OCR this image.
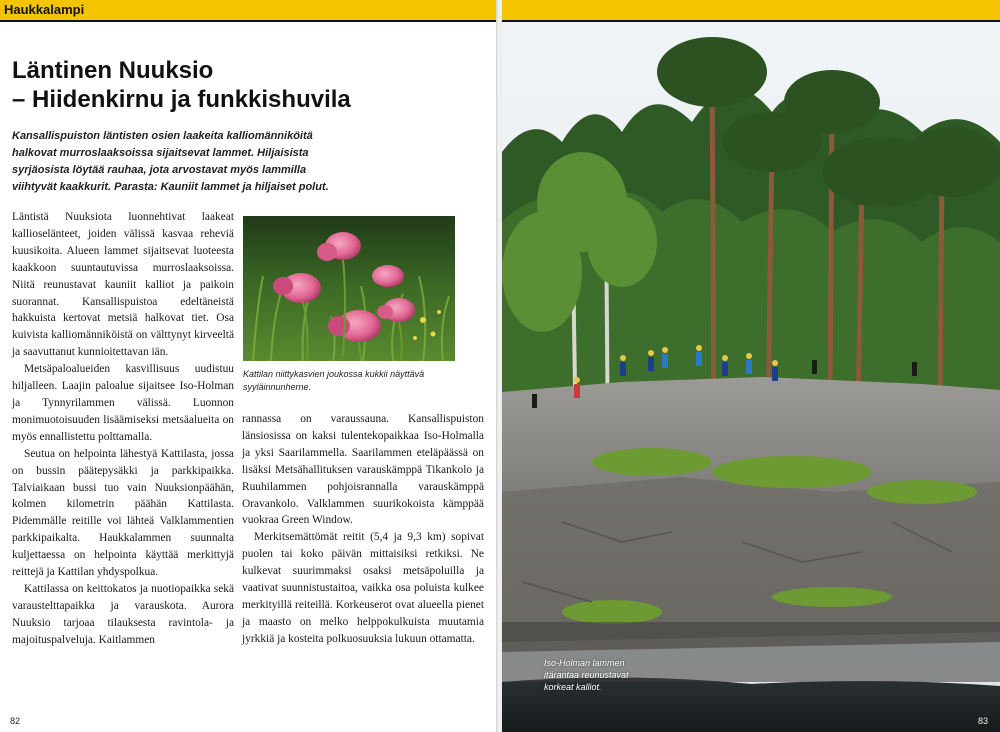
Haukkalampi
Läntinen Nuuksio
– Hiidenkirnu ja funkkishuvila

Kansallispuiston läntisten osien laakeita kalliomänniköitä halkovat murroslaaksoissa sijaitsevat lammet. Hiljaisista syrjäosista löytää rauhaa, jota arvostavat myös lammilla viihtyvät kaakkurit. Parasta: Kauniit lammet ja hiljaiset polut.

Läntistä Nuuksiota luonnehtivat laakeat kallioselänteet, joiden välissä kasvaa reheviä kuusikoita. Alueen lammet sijaitsevat luoteesta kaakkoon suuntautuvissa murroslaaksoissa. Niitä reunustavat kauniit kalliot ja paikoin suorannat. Kansallispuistoa edeltäneistä hakkuista kertovat metsiä halkovat tiet. Osa kuivista kalliomänniköistä on välttynyt kirveeltä ja saavuttanut kunnioitettavan iän.

Metsäpaloalueiden kasvillisuus uudistuu hiljalleen. Laajin paloalue sijaitsee Iso-Holman ja Tynnyrilammen välissä. Luonnon monimuotoisuuden lisäämiseksi metsäalueita on myös ennallistettu polttamalla.

Seutua on helpointa lähestyä Kattilasta, jossa on bussin päätepysäkki ja parkkipaikka. Talviaikaan bussi tuo vain Nuuksionpäähän, kolmen kilometrin päähän Kattilasta. Pidemmälle reitille voi lähteä Valklammentien parkkipaikalta. Haukkalammen suunnalta kuljettaessa on helpointa käyttää merkittyjä reittejä ja Kattilan yhdyspolkua.

Kattilassa on keittokatos ja nuotiopaikka sekä varaustelttapaikka ja varauskota. Aurora Nuuksio tarjoaa tilauksesta ravintola- ja majoituspalveluja. Kaitlammen

Kattilan niittykasvien joukossa kukkii näyttävä syyläinnunherne.

rannassa on varaussauna. Kansallispuiston länsiosissa on kaksi tulentekopaikkaa Iso-Holmalla ja yksi Saarilammella. Saarilammen eteläpäässä on lisäksi Metsähallituksen varauskämppä Tikankolo ja Ruuhilammen pohjoisrannalla varauskämppä Oravankolo. Valklammen suurikokoista kämppää vuokraa Green Window.

Merkitsemättömät reitit (5,4 ja 9,3 km) sopivat puolen tai koko päivän mittaisiksi retkiksi. Ne kulkevat suurimmaksi osaksi metsäpoluilla ja vaativat suunnistustaitoa, vaikka osa poluista kulkee merkityillä reiteillä. Korkeuserot ovat alueella pienet ja maasto on melko helppokulkuista muutamia jyrkkiä ja kosteita polkuosuuksia lukuun ottamatta.

82

Iso-Holman lammen itärantaa reunustavat korkeat kalliot.

83
